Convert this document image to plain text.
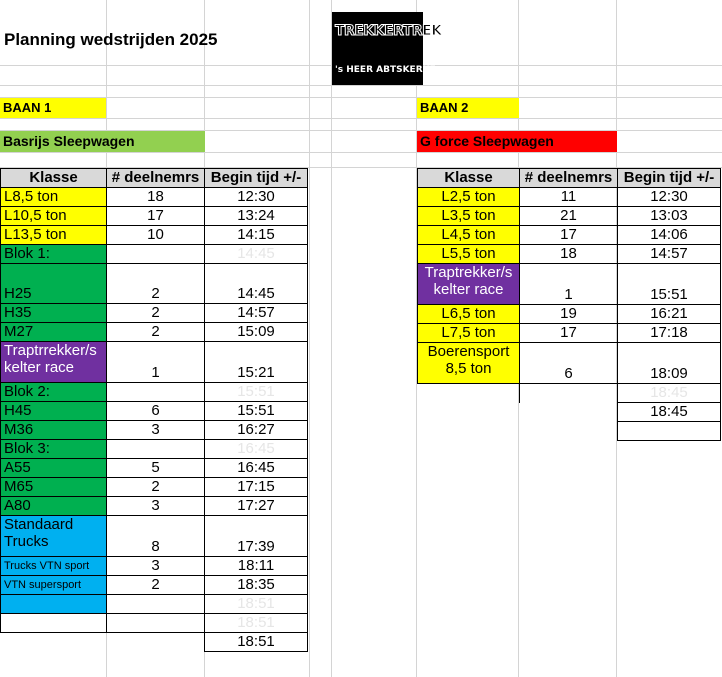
Planning wedstrijden 2025	TREKKERTREK
's HEER ABTSKERKE
BAAN 1
Basrijs Sleepwagen
BAAN 2
G force Sleepwagen
Klasse	# deelnemrs	Begin tijd +/-
L8,5 ton	18	12:30
L10,5 ton	17	13:24
L13,5 ton	10	14:15
Blok 1:		14:45
H25	2	14:45
H35	2	14:57
M27	2	15:09
Traptrrekker/s kelter race	1	15:21
Blok 2:		15:51
H45	6	15:51
M36	3	16:27
Blok 3:		16:45
A55	5	16:45
M65	2	17:15
A80	3	17:27
Standaard Trucks	8	17:39
Trucks VTN sport	3	18:11
VTN supersport	2	18:35
		18:51
		18:51
		18:51
Klasse	# deelnemrs	Begin tijd +/-
L2,5 ton	11	12:30
L3,5 ton	21	13:03
L4,5 ton	17	14:06
L5,5 ton	18	14:57
Traptrekker/s kelter race	1	15:51
L6,5 ton	19	16:21
L7,5 ton	17	17:18
Boerensport 8,5 ton	6	18:09
		18:45
		18:45
